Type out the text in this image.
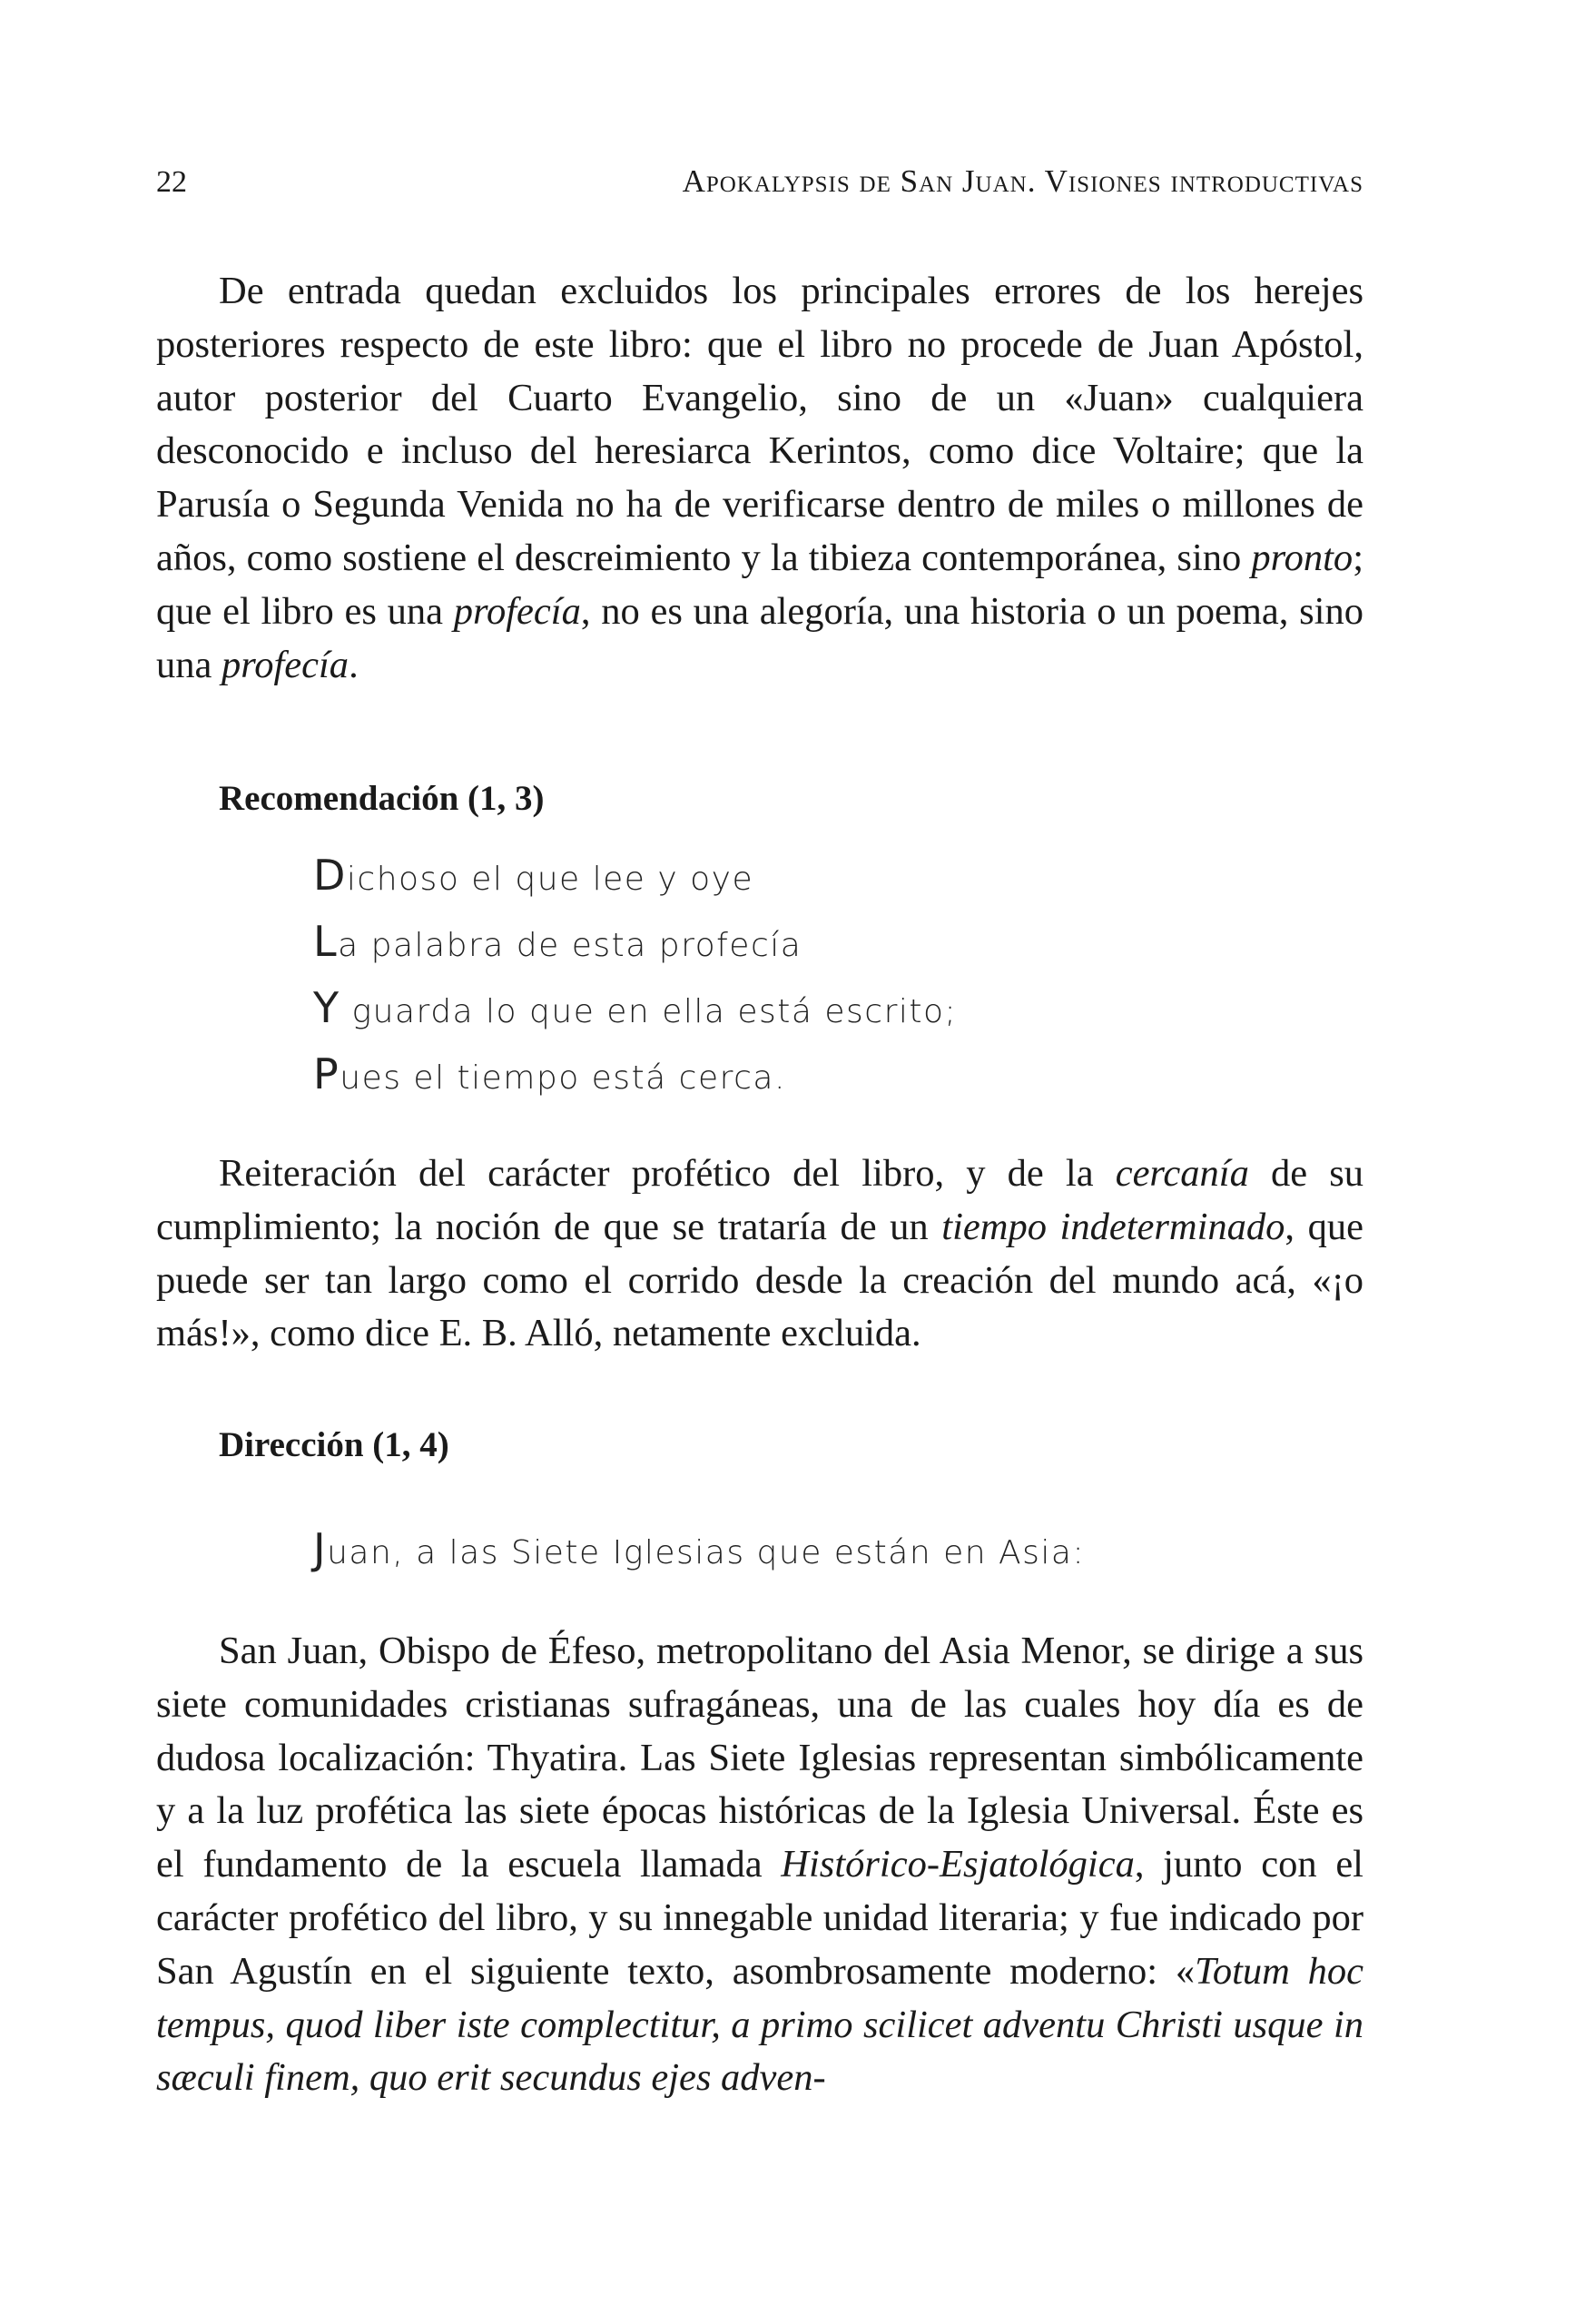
22	Apokalypsis de San Juan. Visiones introductivas

De entrada quedan excluidos los principales errores de los herejes posteriores respecto de este libro: que el libro no procede de Juan Apóstol, autor posterior del Cuarto Evangelio, sino de un «Juan» cualquiera desconocido e incluso del heresiarca Kerintos, como dice Voltaire; que la Parusía o Segunda Venida no ha de verificarse dentro de miles o millones de años, como sostiene el descreimiento y la tibieza contemporánea, sino pronto; que el libro es una profecía, no es una alegoría, una historia o un poema, sino una profecía.

Recomendación (1, 3)
Dichoso el que lee y oye
La palabra de esta profecía
Y guarda lo que en ella está escrito;
Pues el tiempo está cerca.

Reiteración del carácter profético del libro, y de la cercanía de su cumplimiento; la noción de que se trataría de un tiempo indeterminado, que puede ser tan largo como el corrido desde la creación del mundo acá, «¡o más!», como dice E. B. Alló, netamente excluida.

Dirección (1, 4)
Juan, a las Siete Iglesias que están en Asia:

San Juan, Obispo de Éfeso, metropolitano del Asia Menor, se dirige a sus siete comunidades cristianas sufragáneas, una de las cuales hoy día es de dudosa localización: Thyatira. Las Siete Iglesias representan simbólicamente y a la luz profética las siete épocas históricas de la Iglesia Universal. Éste es el fundamento de la escuela llamada Histórico-Esjatológica, junto con el carácter profético del libro, y su innegable unidad literaria; y fue indicado por San Agustín en el siguiente texto, asombrosamente moderno: «Totum hoc tempus, quod liber iste complectitur, a primo scilicet adventu Christi usque in sæculi finem, quo erit secundus ejes adven-
